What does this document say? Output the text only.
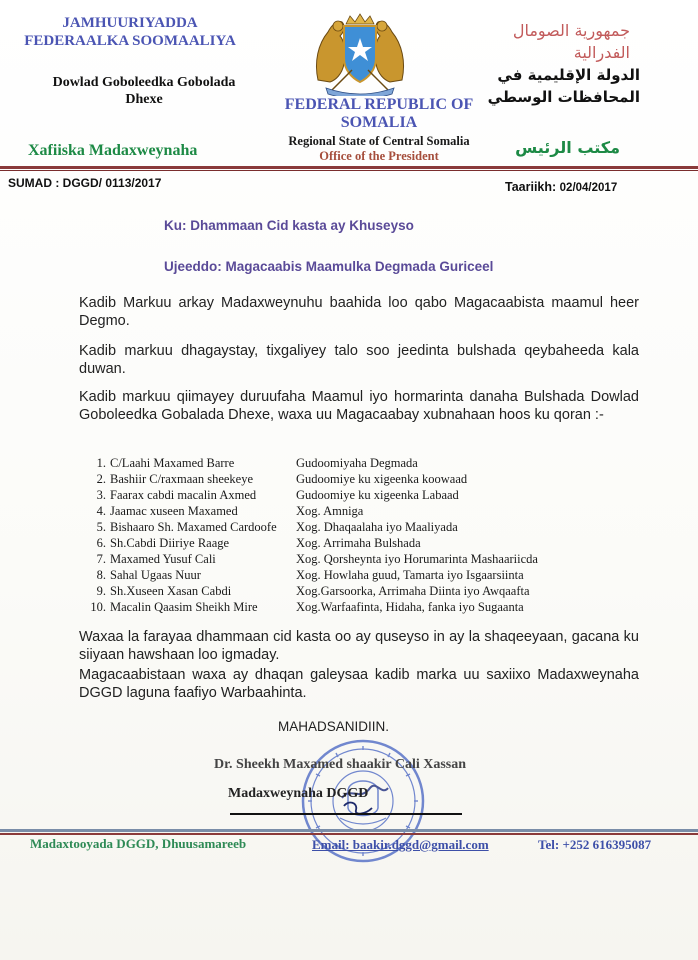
JAMHUURIYADDA FEDERAALKA SOOMAALIYA
Dowlad Goboleedka Gobolada Dhexe
Xafiiska Madaxweynaha
FEDERAL REPUBLIC OF SOMALIA
Regional State of Central Somalia
Office of the President
جمهورية الصومال الفدرالية
الدولة الإقليمية في المحافظات الوسطي
مكتب الرئيس
SUMAD : DGGD/ 0113/2017	Taariikh: 02/04/2017
Ku: Dhammaan Cid kasta ay Khuseyso
Ujeeddo: Magacaabis Maamulka Degmada Guriceel
Kadib Markuu arkay Madaxweynuhu baahida loo qabo Magacaabista maamul heer Degmo.
Kadib markuu dhagaystay, tixgaliyey talo soo jeedinta bulshada qeybaheeda kala duwan.
Kadib markuu qiimayey duruufaha Maamul iyo hormarinta danaha Bulshada Dowlad Goboleedka Gobalada Dhexe, waxa uu Magacaabay xubnahaan hoos ku qoran :-
1. C/Laahi Maxamed Barre	Gudoomiyaha Degmada
2. Bashiir C/raxmaan sheekeye	Gudoomiye ku xigeenka koowaad
3. Faarax cabdi macalin Axmed	Gudoomiye ku xigeenka Labaad
4. Jaamac xuseen Maxamed	Xog. Amniga
5. Bishaaro Sh. Maxamed Cardoofe Xog. Dhaqaalaha iyo Maaliyada
6. Sh.Cabdi Diiriye Raage	Xog. Arrimaha Bulshada
7. Maxamed Yusuf Cali	Xog. Qorsheynta iyo Horumarinta Mashaariicda
8. Sahal Ugaas Nuur	Xog. Howlaha guud, Tamarta iyo Isgaarsiinta
9. Sh.Xuseen Xasan Cabdi	Xog.Garsoorka, Arrimaha Diinta iyo Awqaafta
10. Macalin Qaasim Sheikh Mire	Xog.Warfaafinta, Hidaha, fanka iyo Sugaanta
Waxaa la farayaa dhammaan cid kasta oo ay quseyso in ay la shaqeeyaan, gacana ku siiyaan hawshaan loo igmaday.
Magacaabistaan waxa ay dhaqan galeysaa kadib marka uu saxiixo Madaxweynaha DGGD laguna faafiyo Warbaahinta.
MAHADSANIDIIN.
Dr. Sheekh Maxamed shaakir Cali Xassan
Madaxweynaha DGGD
Madaxtooyada DGGD, Dhuusamareeb	Email: baakir.dggd@gmail.com	Tel: +252 616395087
